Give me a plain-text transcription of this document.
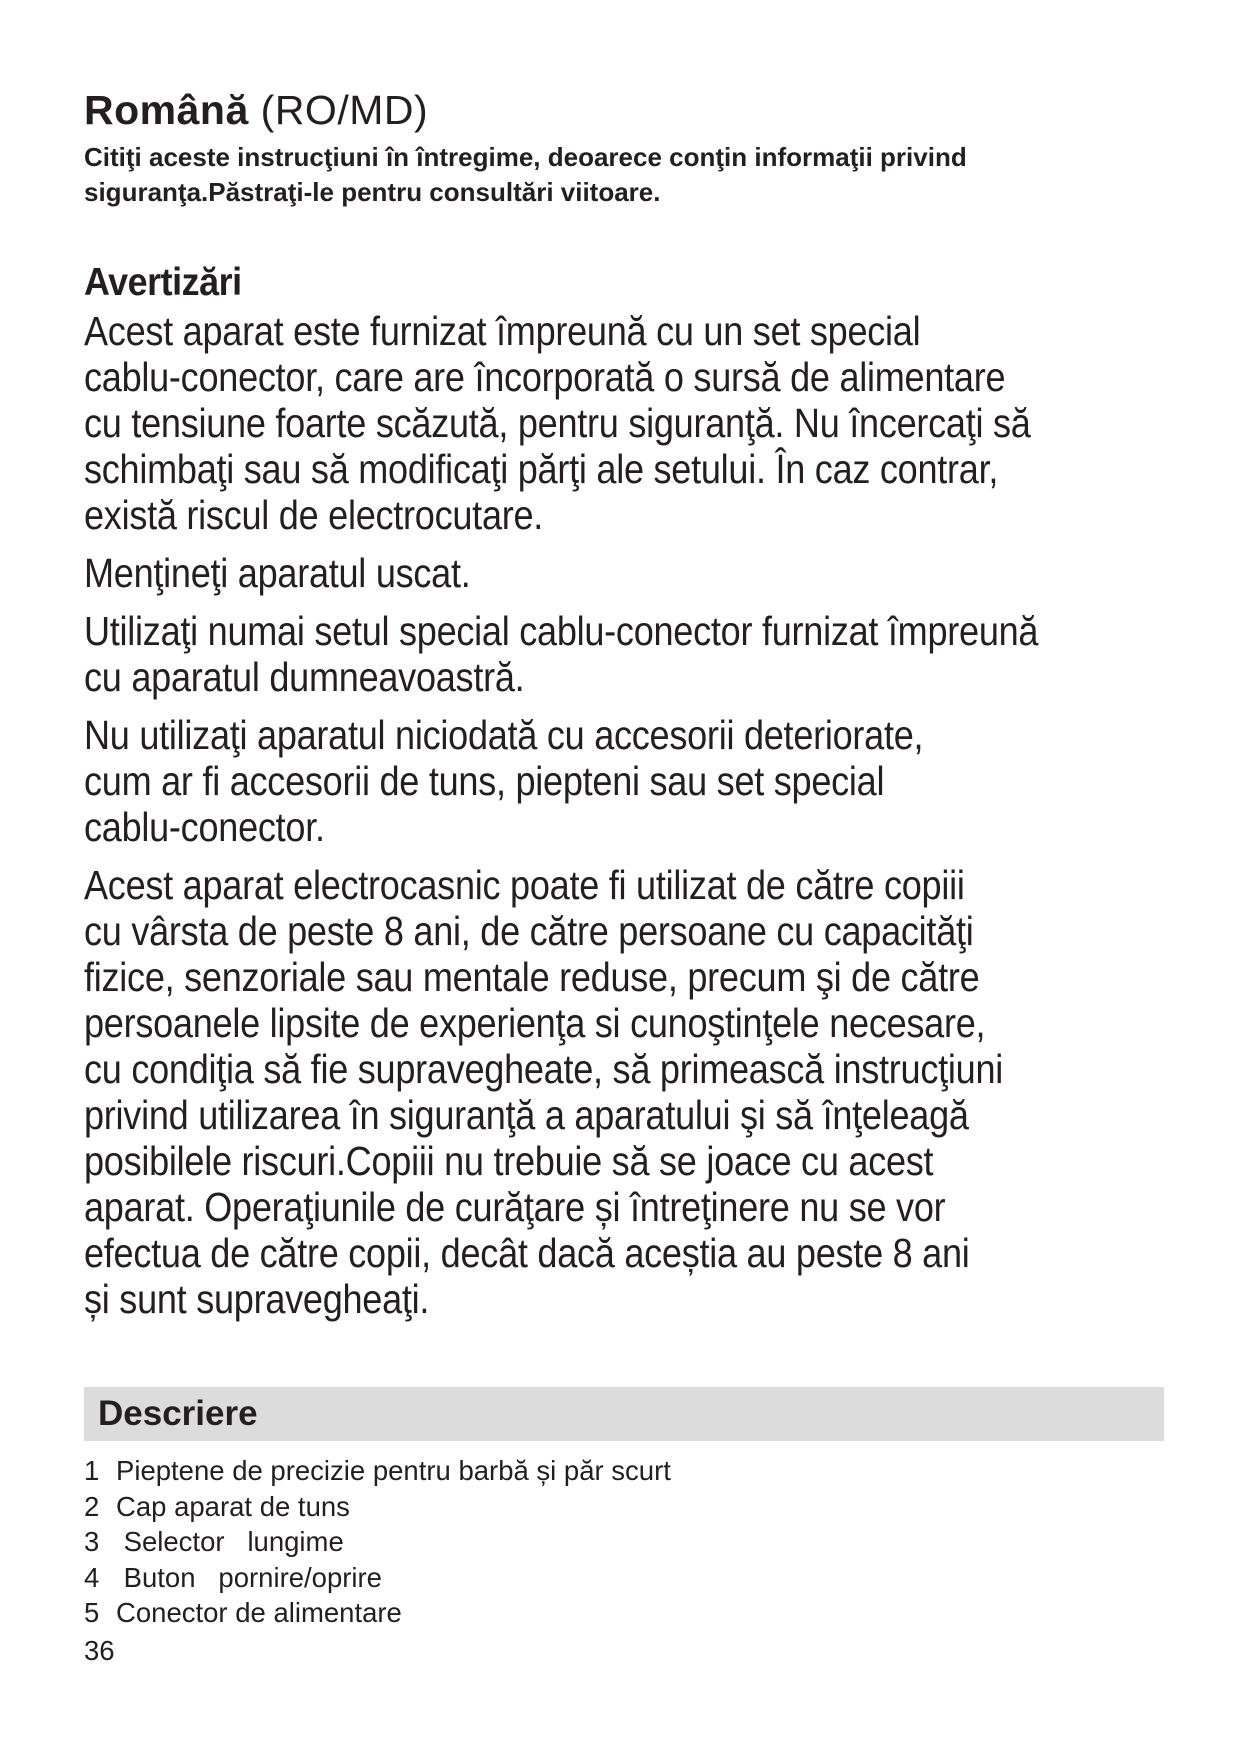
Română (RO/MD)

Citiţi aceste instrucţiuni în întregime, deoarece conţin informaţii privind siguranţa.Păstraţi-le pentru consultări viitoare.

Avertizări
Acest aparat este furnizat împreună cu un set special
cablu-conector, care are încorporată o sursă de alimentare
cu tensiune foarte scăzută, pentru siguranţă. Nu încercaţi să
schimbaţi sau să modificaţi părţi ale setului. În caz contrar,
există riscul de electrocutare.
Menţineţi aparatul uscat.
Utilizaţi numai setul special cablu-conector furnizat împreună
cu aparatul dumneavoastră.
Nu utilizaţi aparatul niciodată cu accesorii deteriorate,
cum ar fi accesorii de tuns, piepteni sau set special
cablu-conector.
Acest aparat electrocasnic poate fi utilizat de către copiii
cu vârsta de peste 8 ani, de către persoane cu capacităţi
fizice, senzoriale sau mentale reduse, precum şi de către
persoanele lipsite de experienţa si cunoştinţele necesare,
cu condiţia să fie supravegheate, să primească instrucţiuni
privind utilizarea în siguranţă a aparatului şi să înţeleagă
posibilele riscuri.Copiii nu trebuie să se joace cu acest
aparat. Operaţiunile de curăţare și întreţinere nu se vor
efectua de către copii, decât dacă aceștia au peste 8 ani
și sunt supravegheaţi.
Descriere
1 Pieptene de precizie pentru barbă și păr scurt
2 Cap aparat de tuns
3 Selector   lungime
4 Buton   pornire/oprire
5 Conector de alimentare
36
